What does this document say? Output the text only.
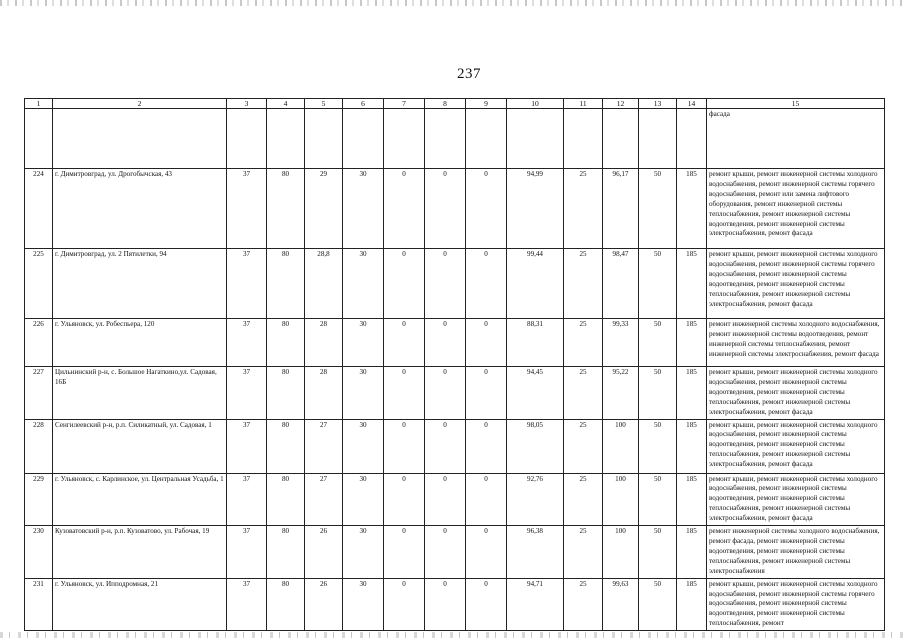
237
1	2	3	4	5	6	7	8	9	10	11	12	13	14	15
														фасада
224	г. Димитровград, ул. Дрогобычская, 43	37	80	29	30	0	0	0	94,99	25	96,17	50	185	ремонт крыши, ремонт инженерной системы холодного водоснабжения, ремонт инженерной системы горячего водоснабжения, ремонт или замена лифтового оборудования, ремонт инженерной системы теплоснабжения, ремонт инженерной системы водоотведения, ремонт инженерной системы электроснабжения, ремонт фасада
225	г. Димитровград, ул. 2 Пятилетки, 94	37	80	28,8	30	0	0	0	99,44	25	98,47	50	185	ремонт крыши, ремонт инженерной системы холодного водоснабжения, ремонт инженерной системы горячего водоснабжения, ремонт инженерной системы водоотведения, ремонт инженерной системы теплоснабжения, ремонт инженерной системы электроснабжения, ремонт фасада
226	г. Ульяновск, ул. Робеспьера, 120	37	80	28	30	0	0	0	88,31	25	99,33	50	185	ремонт инженерной системы холодного водоснабжения, ремонт инженерной системы водоотведения, ремонт инженерной системы теплоснабжения, ремонт инженерной системы электроснабжения, ремонт фасада
227	Цильнинский р-н, с. Большое Нагаткино,ул. Садовая, 16Б	37	80	28	30	0	0	0	94,45	25	95,22	50	185	ремонт крыши, ремонт инженерной системы холодного водоснабжения, ремонт инженерной системы водоотведения, ремонт инженерной системы теплоснабжения, ремонт инженерной системы электроснабжения, ремонт фасада
228	Сенгилеевский р-н, р.п. Силикатный, ул. Садовая, 1	37	80	27	30	0	0	0	98,05	25	100	50	185	ремонт крыши, ремонт инженерной системы холодного водоснабжения, ремонт инженерной системы водоотведения, ремонт инженерной системы теплоснабжения, ремонт инженерной системы электроснабжения, ремонт фасада
229	г. Ульяновск, с. Карлинское, ул. Центральная Усадьба, 1	37	80	27	30	0	0	0	92,76	25	100	50	185	ремонт крыши, ремонт инженерной системы холодного водоснабжения, ремонт инженерной системы водоотведения, ремонт инженерной системы теплоснабжения, ремонт инженерной системы электроснабжения, ремонт фасада
230	Кузоватовский р-н, р.п. Кузоватово, ул. Рабочая, 19	37	80	26	30	0	0	0	96,38	25	100	50	185	ремонт инженерной системы холодного водоснабжения, ремонт фасада, ремонт инженерной системы водоотведения, ремонт инженерной системы теплоснабжения, ремонт инженерной системы электроснабжения
231	г. Ульяновск, ул. Ипподромная, 21	37	80	26	30	0	0	0	94,71	25	99,63	50	185	ремонт крыши, ремонт инженерной системы холодного водоснабжения, ремонт инженерной системы горячего водоснабжения, ремонт инженерной системы водоотведения, ремонт инженерной системы теплоснабжения, ремонт
